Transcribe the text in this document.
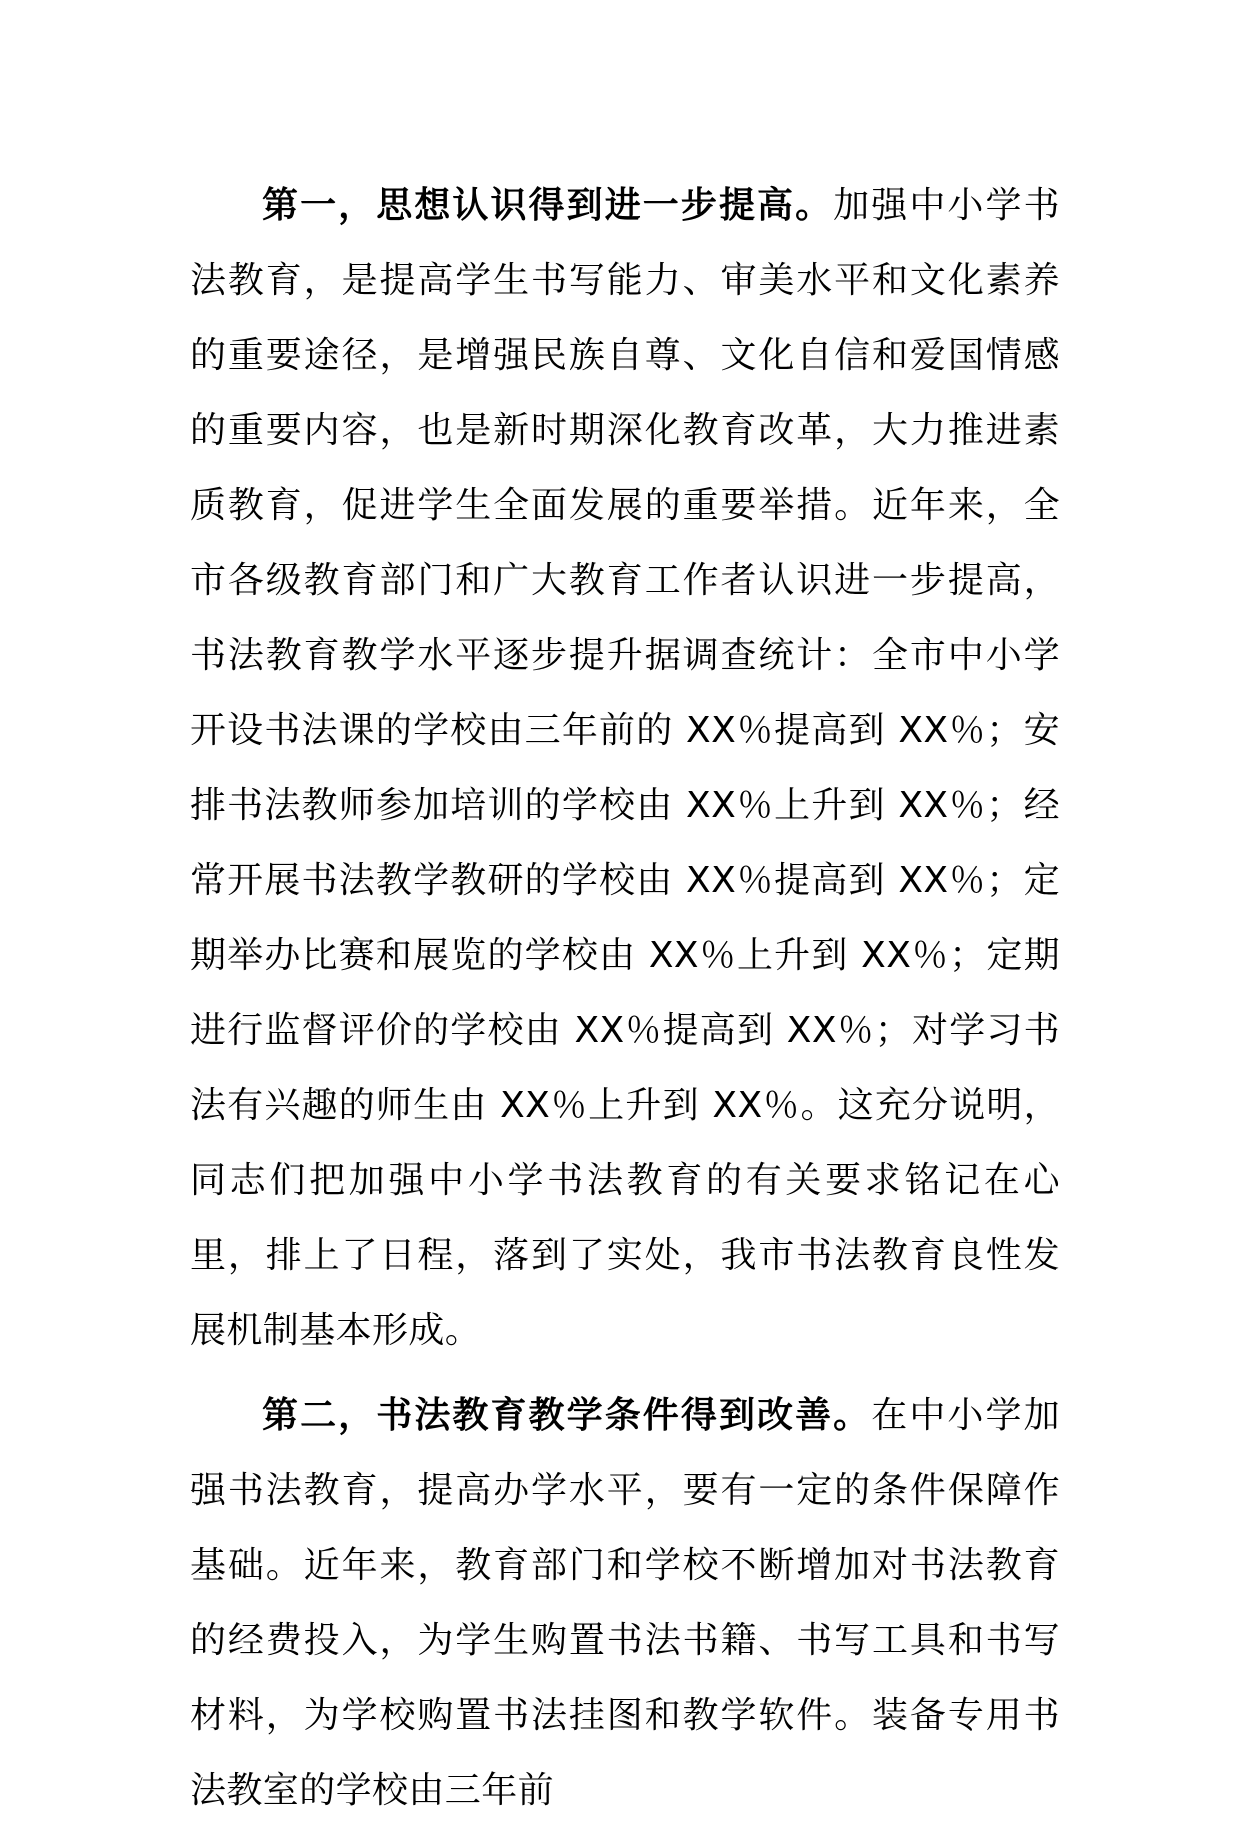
第一，思想认识得到进一步提高。加强中小学书法教育，是提高学生书写能力、审美水平和文化素养的重要途径，是增强民族自尊、文化自信和爱国情感的重要内容，也是新时期深化教育改革，大力推进素质教育，促进学生全面发展的重要举措。近年来，全市各级教育部门和广大教育工作者认识进一步提高，书法教育教学水平逐步提升据调查统计：全市中小学开设书法课的学校由三年前的 XX％提高到 XX％；安排书法教师参加培训的学校由 XX％上升到 XX％；经常开展书法教学教研的学校由 XX％提高到 XX％；定期举办比赛和展览的学校由 XX％上升到 XX％；定期进行监督评价的学校由 XX％提高到 XX％；对学习书法有兴趣的师生由 XX％上升到 XX％。这充分说明，同志们把加强中小学书法教育的有关要求铭记在心里，排上了日程，落到了实处，我市书法教育良性发展机制基本形成。

第二，书法教育教学条件得到改善。在中小学加强书法教育，提高办学水平，要有一定的条件保障作基础。近年来，教育部门和学校不断增加对书法教育的经费投入，为学生购置书法书籍、书写工具和书写材料，为学校购置书法挂图和教学软件。装备专用书法教室的学校由三年前
